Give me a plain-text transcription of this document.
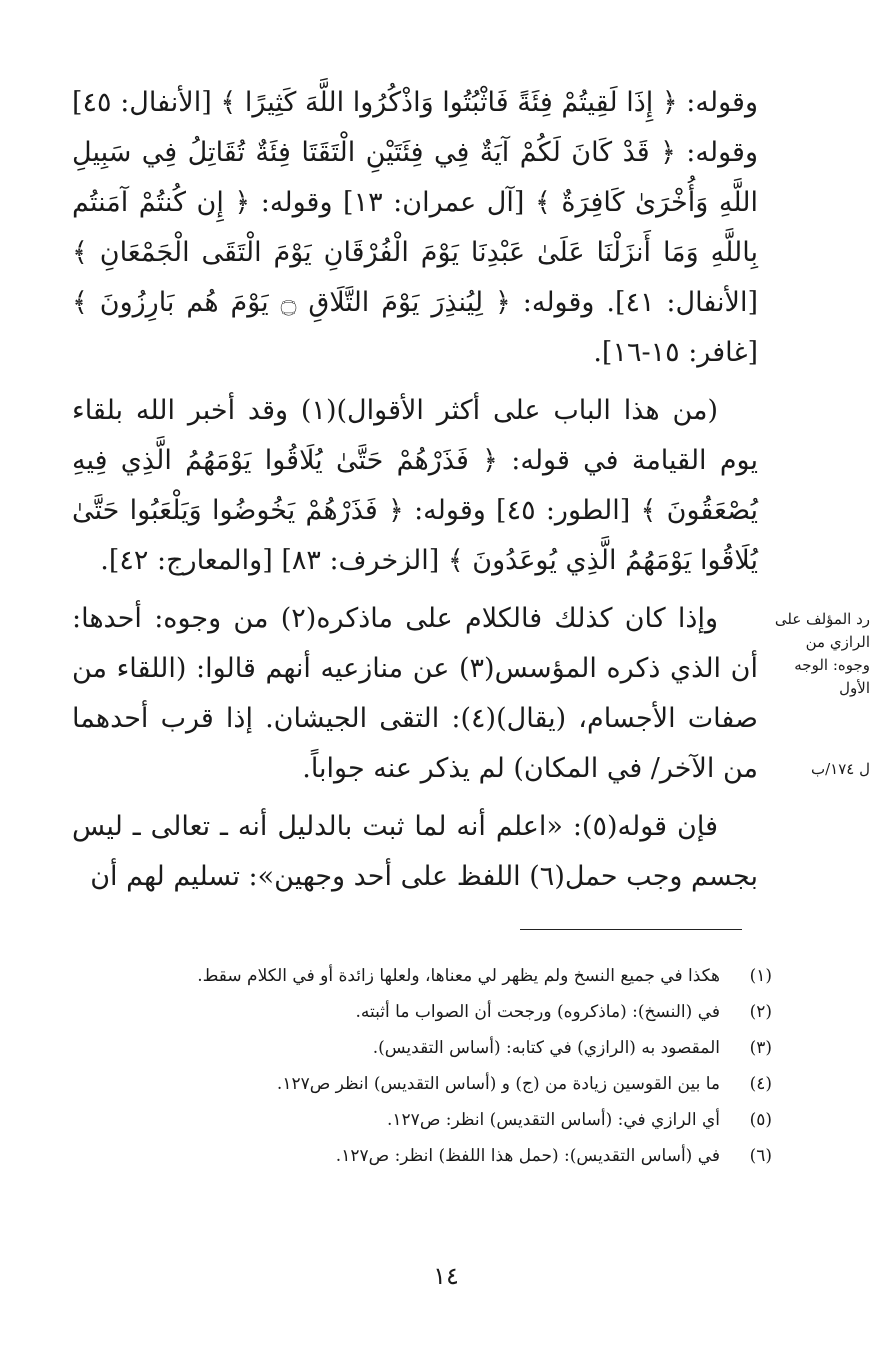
وقوله: ﴿ إِذَا لَقِيتُمْ فِئَةً فَاثْبُتُوا وَاذْكُرُوا اللَّهَ كَثِيرًا ﴾ [الأنفال: ٤٥] وقوله: ﴿ قَدْ كَانَ لَكُمْ آيَةٌ فِي فِئَتَيْنِ الْتَقَتَا فِئَةٌ تُقَاتِلُ فِي سَبِيلِ اللَّهِ وَأُخْرَىٰ كَافِرَةٌ ﴾ [آل عمران: ١٣] وقوله: ﴿ إِن كُنتُمْ آمَنتُم بِاللَّهِ وَمَا أَنزَلْنَا عَلَىٰ عَبْدِنَا يَوْمَ الْفُرْقَانِ يَوْمَ الْتَقَى الْجَمْعَانِ ﴾ [الأنفال: ٤١]. وقوله: ﴿ لِيُنذِرَ يَوْمَ التَّلَاقِ ۝ يَوْمَ هُم بَارِزُونَ ﴾ [غافر: ١٥-١٦].

(من هذا الباب على أكثر الأقوال)(١) وقد أخبر الله بلقاء يوم القيامة في قوله: ﴿ فَذَرْهُمْ حَتَّىٰ يُلَاقُوا يَوْمَهُمُ الَّذِي فِيهِ يُصْعَقُونَ ﴾ [الطور: ٤٥] وقوله: ﴿ فَذَرْهُمْ يَخُوضُوا وَيَلْعَبُوا حَتَّىٰ يُلَاقُوا يَوْمَهُمُ الَّذِي يُوعَدُونَ ﴾ [الزخرف: ٨٣] [والمعارج: ٤٢].

وإذا كان كذلك فالكلام على ماذكره(٢) من وجوه: أحدها: أن الذي ذكره المؤسس(٣) عن منازعيه أنهم قالوا: (اللقاء من صفات الأجسام، (يقال)(٤): التقى الجيشان. إذا قرب أحدهما من الآخر/ في المكان) لم يذكر عنه جواباً.

فإن قوله(٥): «اعلم أنه لما ثبت بالدليل أنه ـ تعالى ـ ليس بجسم وجب حمل(٦) اللفظ على أحد وجهين»: تسليم لهم أن

رد المؤلف على الرازي من وجوه: الوجه الأول
ل ١٧٤/ب
(١)
هكذا في جميع النسخ ولم يظهر لي معناها، ولعلها زائدة أو في الكلام سقط.
(٢)
في (النسخ): (ماذكروه) ورجحت أن الصواب ما أثبته.
(٣)
المقصود به (الرازي) في كتابه: (أساس التقديس).
(٤)
ما بين القوسين زيادة من (ج) و (أساس التقديس) انظر ص١٢٧.
(٥)
أي الرازي في: (أساس التقديس) انظر: ص١٢٧.
(٦)
في (أساس التقديس): (حمل هذا اللفظ) انظر: ص١٢٧.
١٤
